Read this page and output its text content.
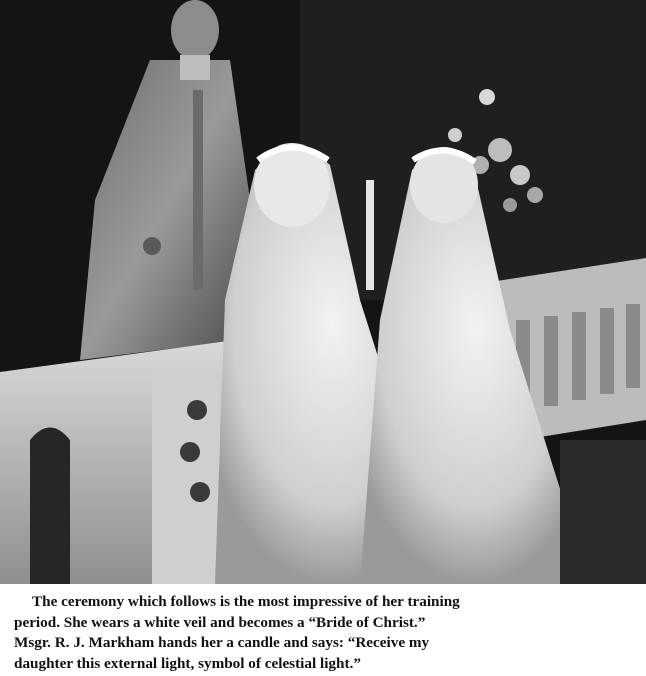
The ceremony which follows is the most impressive of her training
period. She wears a white veil and becomes a “Bride of Christ.”
Msgr. R. J. Markham hands her a candle and says: “Receive my
daughter this external light, symbol of celestial light.”
